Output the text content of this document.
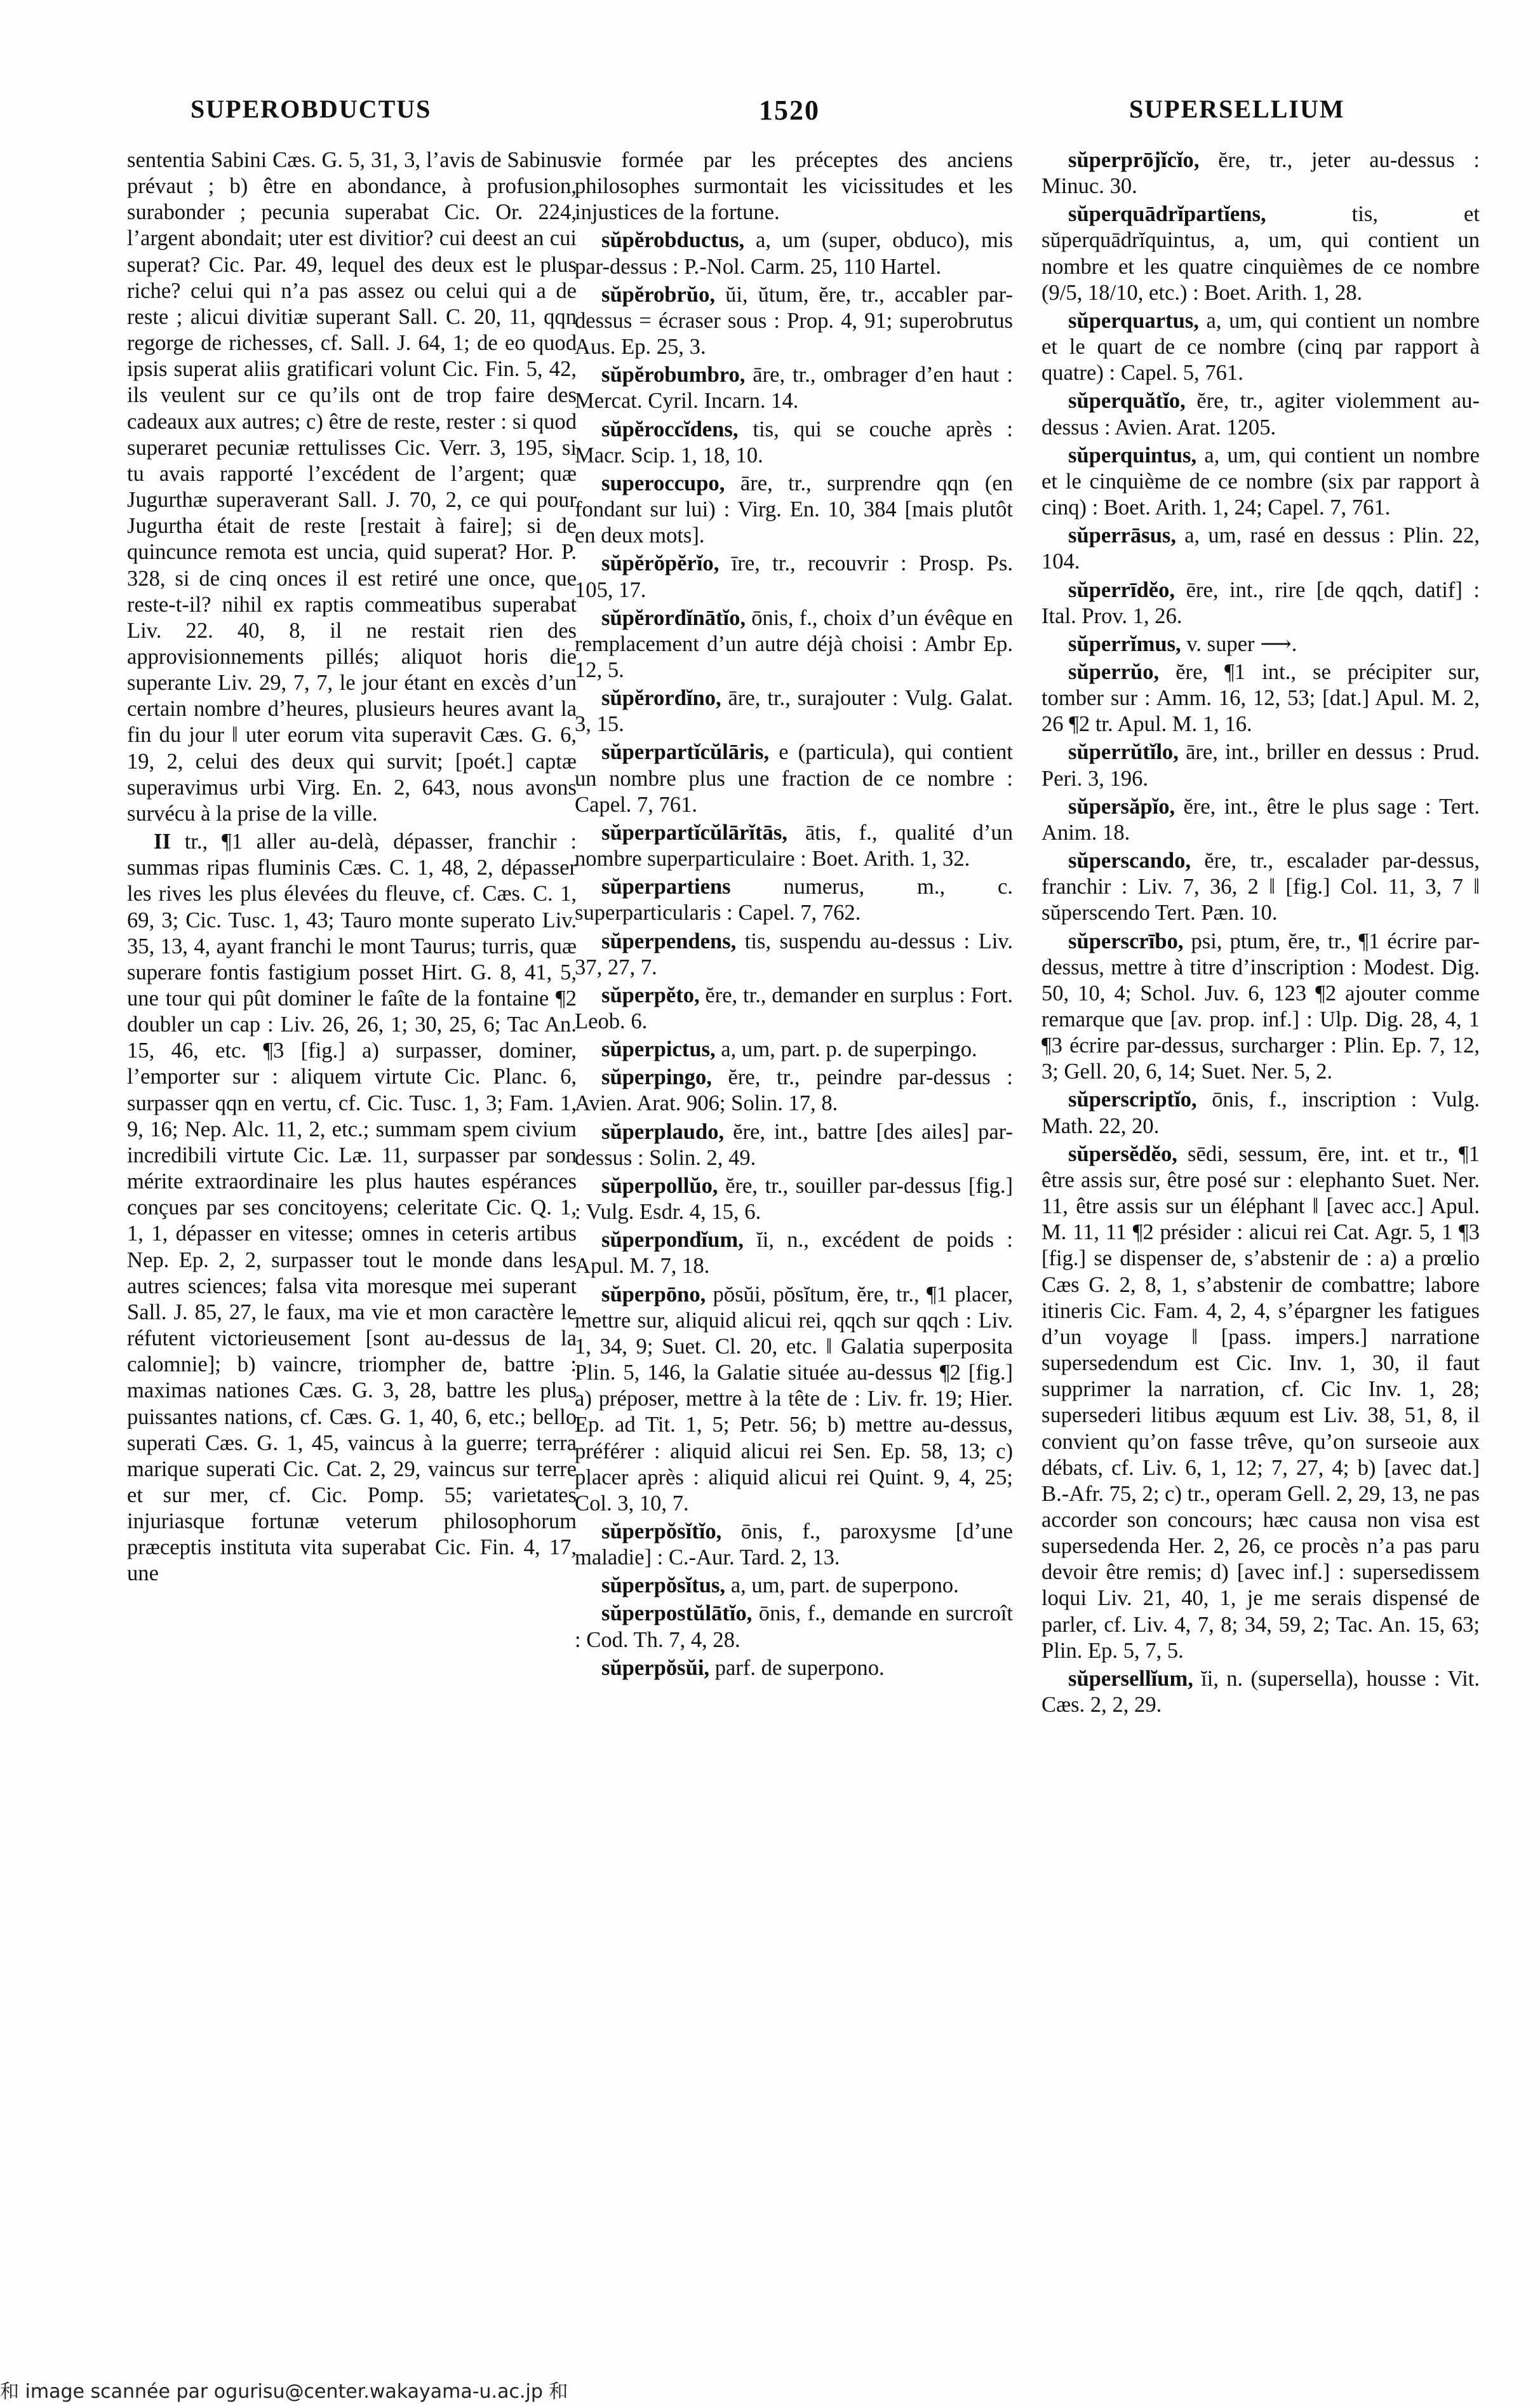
SUPEROBDUCTUS	1520	SUPERSELLIUM

sententia Sabini Cæs. G. 5, 31, 3, l’avis de Sabinus prévaut ; b) être en abondance, à profusion, surabonder ; pecunia superabat Cic. Or. 224, l’argent abondait; uter est divitior? cui deest an cui superat? Cic. Par. 49, lequel des deux est le plus riche? celui qui n’a pas assez ou celui qui a de reste ; alicui divitiæ superant Sall. C. 20, 11, qqn regorge de richesses, cf. Sall. J. 64, 1; de eo quod ipsis superat aliis gratificari volunt Cic. Fin. 5, 42, ils veulent sur ce qu’ils ont de trop faire des cadeaux aux autres; c) être de reste, rester : si quod superaret pecuniæ rettulisses Cic. Verr. 3, 195, si tu avais rapporté l’excédent de l’argent; quæ Jugurthæ superaverant Sall. J. 70, 2, ce qui pour Jugurtha était de reste [restait à faire]; si de quincunce remota est uncia, quid superat? Hor. P. 328, si de cinq onces il est retiré une once, que reste-t-il? nihil ex raptis commeatibus superabat Liv. 22. 40, 8, il ne restait rien des approvisionnements pillés; aliquot horis die superante Liv. 29, 7, 7, le jour étant en excès d’un certain nombre d’heures, plusieurs heures avant la fin du jour ‖ uter eorum vita superavit Cæs. G. 6, 19, 2, celui des deux qui survit; [poét.] captæ superavimus urbi Virg. En. 2, 643, nous avons survécu à la prise de la ville.

II tr., ¶1 aller au-delà, dépasser, franchir : summas ripas fluminis Cæs. C. 1, 48, 2, dépasser les rives les plus élevées du fleuve, cf. Cæs. C. 1, 69, 3; Cic. Tusc. 1, 43; Tauro monte superato Liv. 35, 13, 4, ayant franchi le mont Taurus; turris, quæ superare fontis fastigium posset Hirt. G. 8, 41, 5, une tour qui pût dominer le faîte de la fontaine ¶2 doubler un cap : Liv. 26, 26, 1; 30, 25, 6; Tac An. 15, 46, etc. ¶3 [fig.] a) surpasser, dominer, l’emporter sur : aliquem virtute Cic. Planc. 6, surpasser qqn en vertu, cf. Cic. Tusc. 1, 3; Fam. 1, 9, 16; Nep. Alc. 11, 2, etc.; summam spem civium incredibili virtute Cic. Læ. 11, surpasser par son mérite extraordinaire les plus hautes espérances conçues par ses concitoyens; celeritate Cic. Q. 1, 1, 1, dépasser en vitesse; omnes in ceteris artibus Nep. Ep. 2, 2, surpasser tout le monde dans les autres sciences; falsa vita moresque mei superant Sall. J. 85, 27, le faux, ma vie et mon caractère le réfutent victorieusement [sont au-dessus de la calomnie]; b) vaincre, triompher de, battre : maximas nationes Cæs. G. 3, 28, battre les plus puissantes nations, cf. Cæs. G. 1, 40, 6, etc.; bello superati Cæs. G. 1, 45, vaincus à la guerre; terra marique superati Cic. Cat. 2, 29, vaincus sur terre et sur mer, cf. Cic. Pomp. 55; varietates injuriasque fortunæ veterum philosophorum præceptis instituta vita superabat Cic. Fin. 4, 17, une

vie formée par les préceptes des anciens philosophes surmontait les vicissitudes et les injustices de la fortune.

sŭpĕrobductus, a, um (super, obduco), mis par-dessus : P.-Nol. Carm. 25, 110 Hartel.

sŭpĕrobrŭo, ŭi, ŭtum, ĕre, tr., accabler par-dessus = écraser sous : Prop. 4, 91; superobrutus Aus. Ep. 25, 3.

sŭpĕrobumbro, āre, tr., ombrager d’en haut : Mercat. Cyril. Incarn. 14.

sŭpĕroccĭdens, tis, qui se couche après : Macr. Scip. 1, 18, 10.

superoccupo, āre, tr., surprendre qqn (en fondant sur lui) : Virg. En. 10, 384 [mais plutôt en deux mots].

sŭpĕrŏpĕrĭo, īre, tr., recouvrir : Prosp. Ps. 105, 17.

sŭpĕrordĭnātĭo, ōnis, f., choix d’un évêque en remplacement d’un autre déjà choisi : Ambr Ep. 12, 5.

sŭpĕrordĭno, āre, tr., surajouter : Vulg. Galat. 3, 15.

sŭperpartĭcŭlāris, e (particula), qui contient un nombre plus une fraction de ce nombre : Capel. 7, 761.

sŭperpartĭcŭlārĭtās, ātis, f., qualité d’un nombre superparticulaire : Boet. Arith. 1, 32.

sŭperpartiens numerus, m., c. superparticularis : Capel. 7, 762.

sŭperpendens, tis, suspendu au-dessus : Liv. 37, 27, 7.

sŭperpĕto, ĕre, tr., demander en surplus : Fort. Leob. 6.

sŭperpictus, a, um, part. p. de superpingo.

sŭperpingo, ĕre, tr., peindre par-dessus : Avien. Arat. 906; Solin. 17, 8.

sŭperplaudo, ĕre, int., battre [des ailes] par-dessus : Solin. 2, 49.

sŭperpollŭo, ĕre, tr., souiller par-dessus [fig.] : Vulg. Esdr. 4, 15, 6.

sŭperpondĭum, ĭi, n., excédent de poids : Apul. M. 7, 18.

sŭperpōno, pŏsŭi, pŏsĭtum, ĕre, tr., ¶1 placer, mettre sur, aliquid alicui rei, qqch sur qqch : Liv. 1, 34, 9; Suet. Cl. 20, etc. ‖ Galatia superposita Plin. 5, 146, la Galatie située au-dessus ¶2 [fig.] a) préposer, mettre à la tête de : Liv. fr. 19; Hier. Ep. ad Tit. 1, 5; Petr. 56; b) mettre au-dessus, préférer : aliquid alicui rei Sen. Ep. 58, 13; c) placer après : aliquid alicui rei Quint. 9, 4, 25; Col. 3, 10, 7.

sŭperpŏsĭtĭo, ōnis, f., paroxysme [d’une maladie] : C.-Aur. Tard. 2, 13.

sŭperpŏsĭtus, a, um, part. de superpono.

sŭperpostŭlātĭo, ōnis, f., demande en surcroît : Cod. Th. 7, 4, 28.

sŭperpŏsŭi, parf. de superpono.

sŭperprōjĭcĭo, ĕre, tr., jeter au-dessus : Minuc. 30.

sŭperquādrĭpartĭens, tis, et sŭperquādrĭquintus, a, um, qui contient un nombre et les quatre cinquièmes de ce nombre (9/5, 18/10, etc.) : Boet. Arith. 1, 28.

sŭperquartus, a, um, qui contient un nombre et le quart de ce nombre (cinq par rapport à quatre) : Capel. 5, 761.

sŭperquătĭo, ĕre, tr., agiter violemment au-dessus : Avien. Arat. 1205.

sŭperquintus, a, um, qui contient un nombre et le cinquième de ce nombre (six par rapport à cinq) : Boet. Arith. 1, 24; Capel. 7, 761.

sŭperrāsus, a, um, rasé en dessus : Plin. 22, 104.

sŭperrīdĕo, ēre, int., rire [de qqch, datif] : Ital. Prov. 1, 26.

sŭperrĭmus, v. super ⟶.

sŭperrŭo, ĕre, ¶1 int., se précipiter sur, tomber sur : Amm. 16, 12, 53; [dat.] Apul. M. 2, 26 ¶2 tr. Apul. M. 1, 16.

sŭperrŭtĭlo, āre, int., briller en dessus : Prud. Peri. 3, 196.

sŭpersăpĭo, ĕre, int., être le plus sage : Tert. Anim. 18.

sŭperscando, ĕre, tr., escalader par-dessus, franchir : Liv. 7, 36, 2 ‖ [fig.] Col. 11, 3, 7 ‖ sŭperscendo Tert. Pæn. 10.

sŭperscrībo, psi, ptum, ĕre, tr., ¶1 écrire par-dessus, mettre à titre d’inscription : Modest. Dig. 50, 10, 4; Schol. Juv. 6, 123 ¶2 ajouter comme remarque que [av. prop. inf.] : Ulp. Dig. 28, 4, 1 ¶3 écrire par-dessus, surcharger : Plin. Ep. 7, 12, 3; Gell. 20, 6, 14; Suet. Ner. 5, 2.

sŭperscriptĭo, ōnis, f., inscription : Vulg. Math. 22, 20.

sŭpersĕdĕo, sēdi, sessum, ēre, int. et tr., ¶1 être assis sur, être posé sur : elephanto Suet. Ner. 11, être assis sur un éléphant ‖ [avec acc.] Apul. M. 11, 11 ¶2 présider : alicui rei Cat. Agr. 5, 1 ¶3 [fig.] se dispenser de, s’abstenir de : a) a prœlio Cæs G. 2, 8, 1, s’abstenir de combattre; labore itineris Cic. Fam. 4, 2, 4, s’épargner les fatigues d’un voyage ‖ [pass. impers.] narratione supersedendum est Cic. Inv. 1, 30, il faut supprimer la narration, cf. Cic Inv. 1, 28; supersederi litibus æquum est Liv. 38, 51, 8, il convient qu’on fasse trêve, qu’on surseoie aux débats, cf. Liv. 6, 1, 12; 7, 27, 4; b) [avec dat.] B.-Afr. 75, 2; c) tr., operam Gell. 2, 29, 13, ne pas accorder son concours; hæc causa non visa est supersedenda Her. 2, 26, ce procès n’a pas paru devoir être remis; d) [avec inf.] : supersedissem loqui Liv. 21, 40, 1, je me serais dispensé de parler, cf. Liv. 4, 7, 8; 34, 59, 2; Tac. An. 15, 63; Plin. Ep. 5, 7, 5.

sŭpersellĭum, ĭi, n. (supersella), housse : Vit. Cæs. 2, 2, 29.

和 image scannée par ogurisu@center.wakayama-u.ac.jp 和
